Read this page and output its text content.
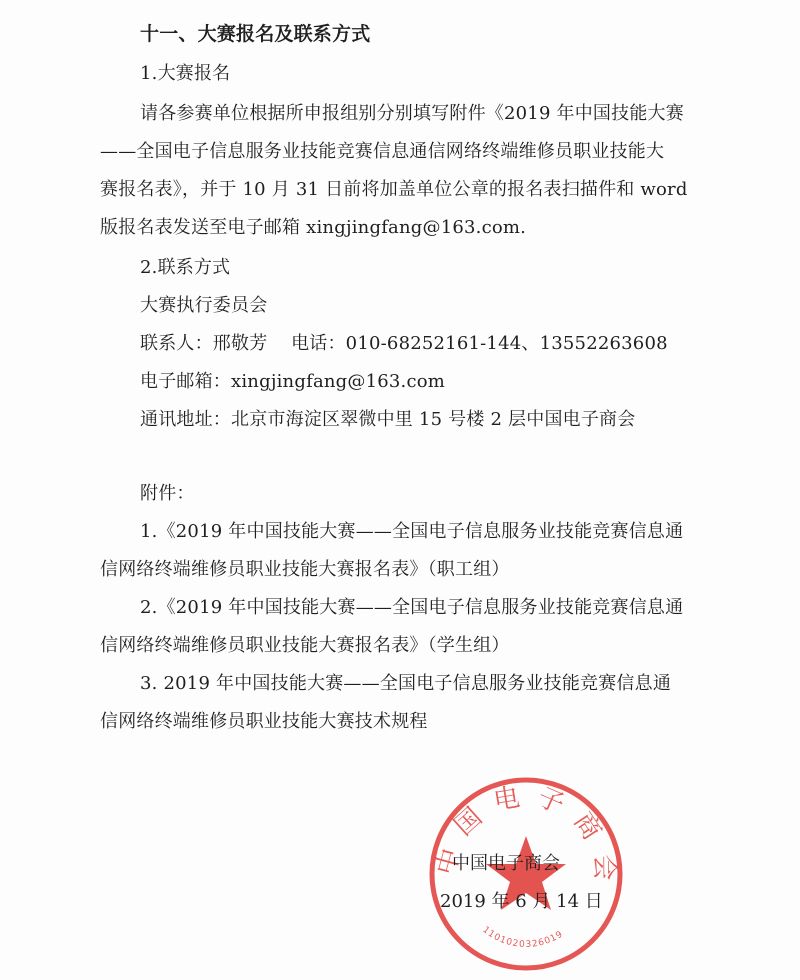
十一、大赛报名及联系方式
1.大赛报名
请各参赛单位根据所申报组别分别填写附件《2019 年中国技能大赛
——全国电子信息服务业技能竞赛信息通信网络终端维修员职业技能大
赛报名表》，并于 10 月 31 日前将加盖单位公章的报名表扫描件和 word
版报名表发送至电子邮箱 xingjingfang@163.com.
2.联系方式
大赛执行委员会
联系人：邢敬芳    电话：010-68252161-144、13552263608
电子邮箱：xingjingfang@163.com
通讯地址：北京市海淀区翠微中里 15 号楼 2 层中国电子商会
附件：
1.《2019 年中国技能大赛——全国电子信息服务业技能竞赛信息通
信网络终端维修员职业技能大赛报名表》（职工组）
2.《2019 年中国技能大赛——全国电子信息服务业技能竞赛信息通
信网络终端维修员职业技能大赛报名表》（学生组）
3. 2019 年中国技能大赛——全国电子信息服务业技能竞赛信息通
信网络终端维修员职业技能大赛技术规程
中国电子商会
1101020326019
中国电子商会
2019 年 6 月 14 日
